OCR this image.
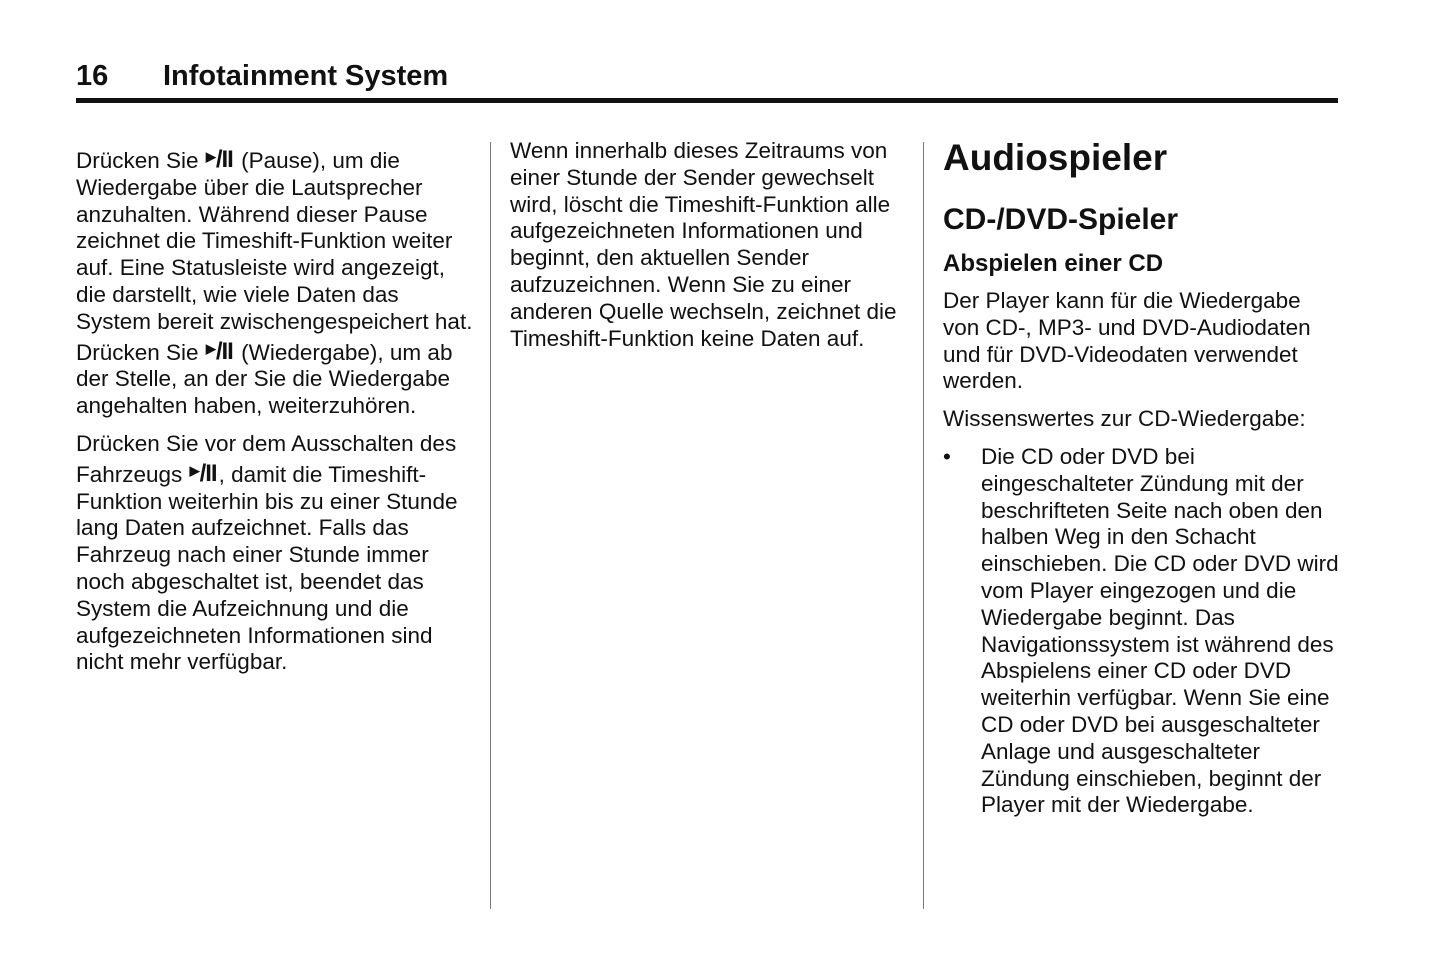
16 Infotainment System

Drücken Sie ▶/II (Pause), um die Wiedergabe über die Lautsprecher anzuhalten. Während dieser Pause zeichnet die Timeshift-Funktion weiter auf. Eine Statusleiste wird angezeigt, die darstellt, wie viele Daten das System bereit zwischengespeichert hat. Drücken Sie ▶/II (Wiedergabe), um ab der Stelle, an der Sie die Wiedergabe angehalten haben, weiterzuhören.

Drücken Sie vor dem Ausschalten des Fahrzeugs ▶/II, damit die Timeshift-Funktion weiterhin bis zu einer Stunde lang Daten aufzeichnet. Falls das Fahrzeug nach einer Stunde immer noch abgeschaltet ist, beendet das System die Aufzeichnung und die aufgezeichneten Informationen sind nicht mehr verfügbar.

Wenn innerhalb dieses Zeitraums von einer Stunde der Sender gewechselt wird, löscht die Timeshift-Funktion alle aufgezeichneten Informationen und beginnt, den aktuellen Sender aufzuzeichnen. Wenn Sie zu einer anderen Quelle wechseln, zeichnet die Timeshift-Funktion keine Daten auf.

Audiospieler
CD-/DVD-Spieler
Abspielen einer CD

Der Player kann für die Wiedergabe von CD-, MP3- und DVD-Audiodaten und für DVD-Videodaten verwendet werden.

Wissenswertes zur CD-Wiedergabe:

• Die CD oder DVD bei eingeschalteter Zündung mit der beschrifteten Seite nach oben den halben Weg in den Schacht einschieben. Die CD oder DVD wird vom Player eingezogen und die Wiedergabe beginnt. Das Navigationssystem ist während des Abspielens einer CD oder DVD weiterhin verfügbar. Wenn Sie eine CD oder DVD bei ausgeschalteter Anlage und ausgeschalteter Zündung einschieben, beginnt der Player mit der Wiedergabe.
